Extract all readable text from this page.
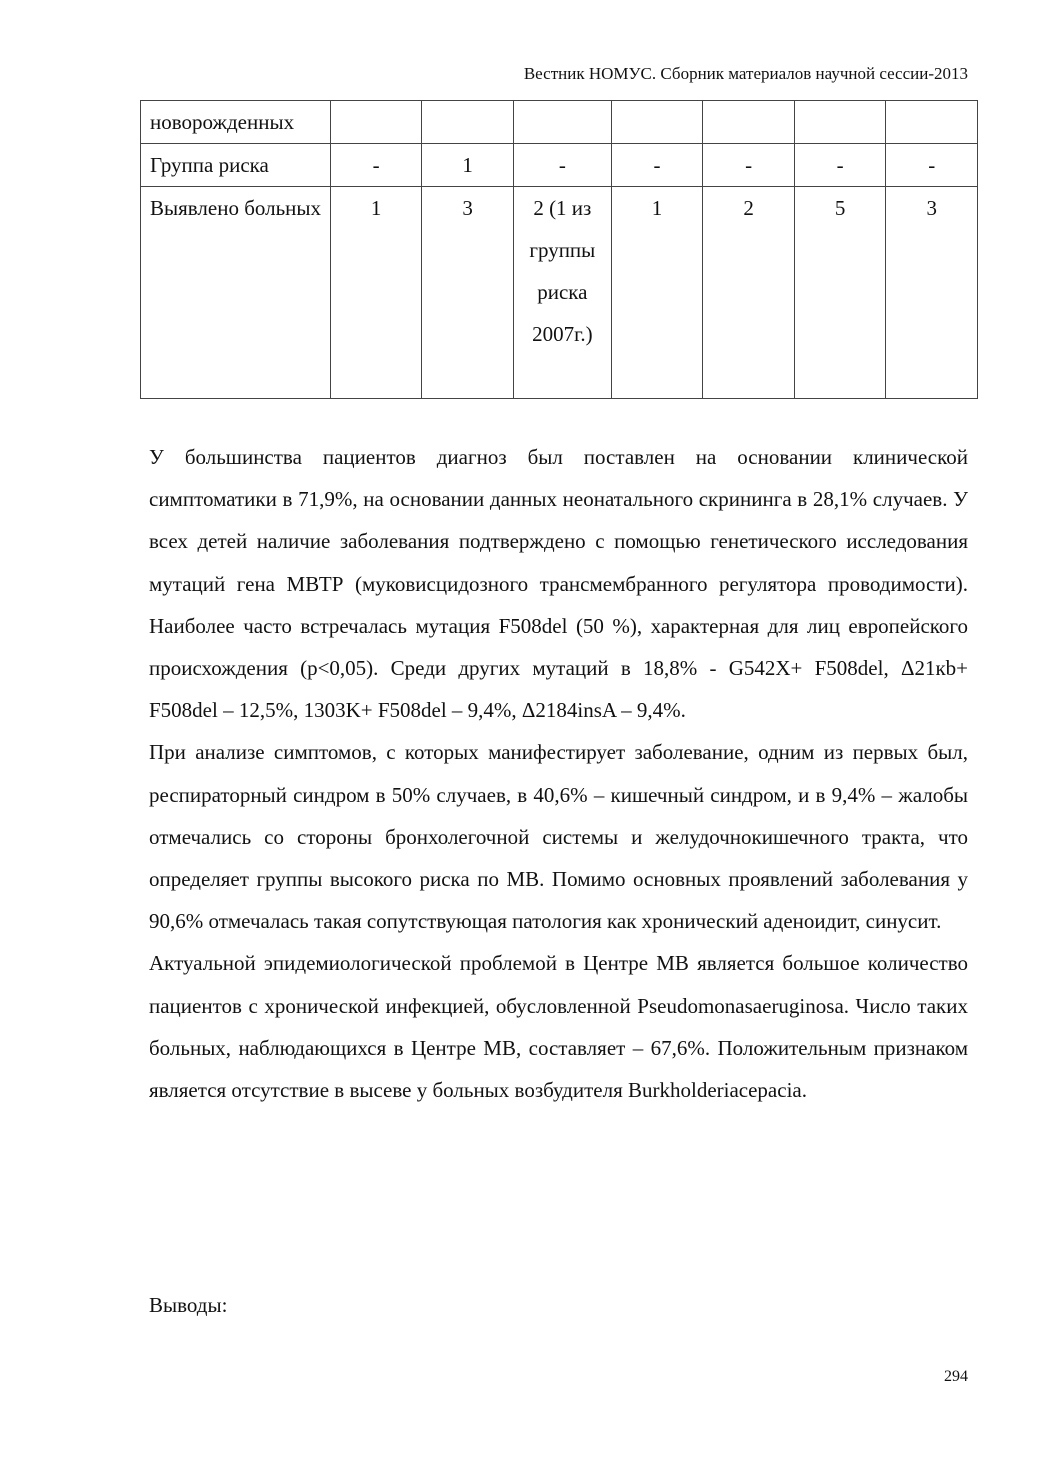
Вестник НОМУС. Сборник материалов научной сессии-2013
новорожденных							
Группа риска	-	1	-	-	-	-	-
Выявлено больных	1	3	2 (1 из группы риска 2007г.)	1	2	5	3

У большинства пациентов диагноз был поставлен на основании клинической симптоматики в 71,9%, на основании данных неонатального скрининга в 28,1% случаев. У всех детей наличие заболевания подтверждено с помощью генетического исследования мутаций гена МВТР (муковисцидозного трансмембранного регулятора проводимости). Наиболее часто встречалась мутация F508del (50 %), характерная для лиц европейского происхождения (р<0,05). Среди других мутаций в 18,8% - G542X+ F508del, Δ21кb+ F508del – 12,5%, 1303K+ F508del – 9,4%, Δ2184insA – 9,4%.

При анализе симптомов, с которых манифестирует заболевание, одним из первых был, респираторный синдром в 50% случаев, в 40,6% – кишечный синдром, и в 9,4% – жалобы отмечались со стороны бронхолегочной системы и желудочнокишечного тракта, что определяет группы высокого риска по МВ. Помимо основных проявлений заболевания у 90,6% отмечалась такая сопутствующая патология как хронический аденоидит, синусит.

Актуальной эпидемиологической проблемой в Центре МВ является большое количество пациентов с хронической инфекцией, обусловленной Pseudomonasaeruginosa. Число таких больных, наблюдающихся в Центре МВ, составляет – 67,6%. Положительным признаком является отсутствие в высеве у больных возбудителя Burkholderiacepacia.

Выводы:

294
